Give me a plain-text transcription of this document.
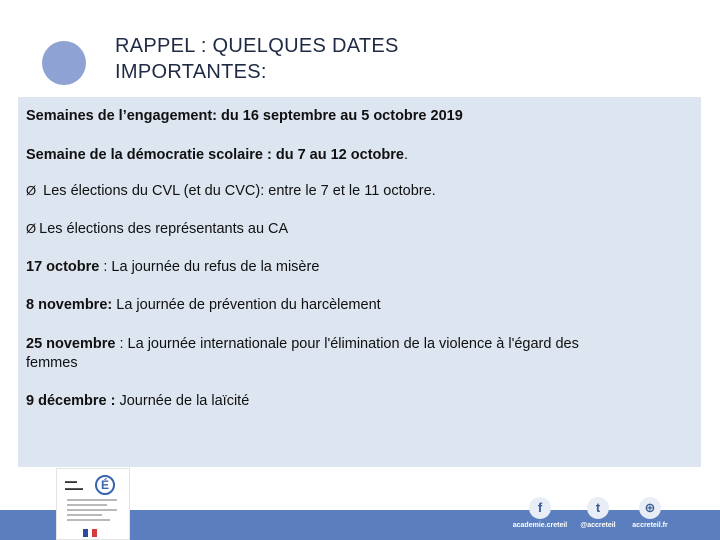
RAPPEL : QUELQUES DATES
IMPORTANTES:
Semaines de l’engagement: du 16 septembre au 5 octobre 2019
Semaine de la démocratie scolaire : du 7 au 12 octobre.
Ø Les élections du CVL (et du CVC): entre le 7 et le 11 octobre.
Ø Les élections des représentants au CA
17 octobre : La journée du refus de la misère
8 novembre: La journée de prévention du harcèlement
25 novembre : La journée internationale pour l'élimination de la violence à l'égard des
femmes
9 décembre : Journée de la laïcité
▬▬
▬▬▬	É
f
academie.creteil
t
@accreteil
⊕
accreteil.fr
